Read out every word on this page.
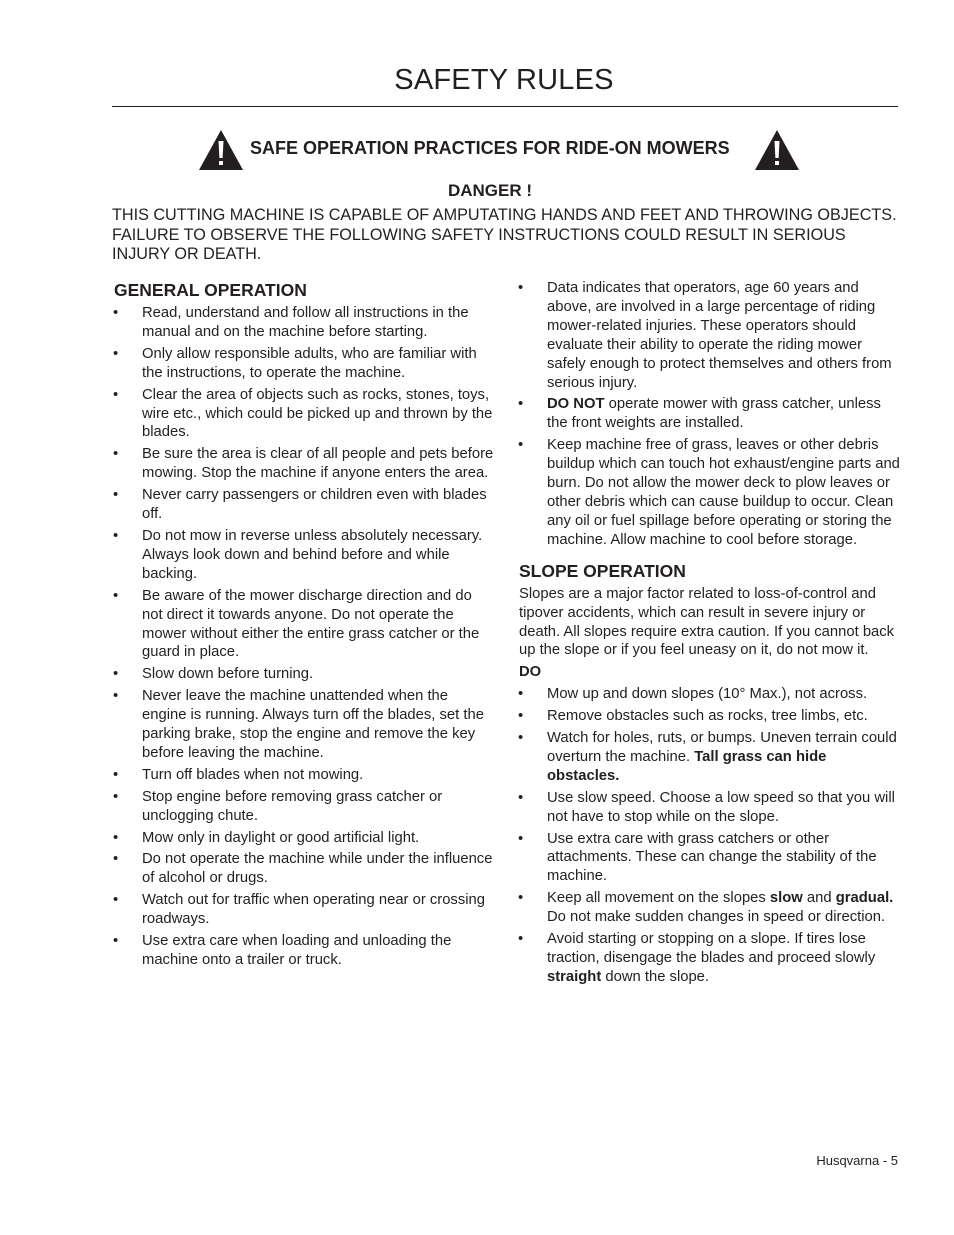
SAFETY RULES
SAFE OPERATION PRACTICES FOR RIDE-ON MOWERS
DANGER !
THIS CUTTING MACHINE IS CAPABLE OF AMPUTATING HANDS AND FEET AND THROWING OBJECTS. FAILURE TO OBSERVE THE FOLLOWING SAFETY INSTRUCTIONS COULD RESULT IN SERIOUS INJURY OR DEATH.
GENERAL OPERATION
• Read, understand and follow all instructions in the manual and on the machine before starting.
• Only allow responsible adults, who are familiar with the instructions, to operate the machine.
• Clear the area of objects such as rocks, stones, toys, wire etc., which could be picked up and thrown by the blades.
• Be sure the area is clear of all people and pets before mowing. Stop the machine if anyone enters the area.
• Never carry passengers or children even with blades off.
• Do not mow in reverse unless absolutely necessary. Always look down and behind before and while backing.
• Be aware of the mower discharge direction and do not direct it towards anyone. Do not operate the mower without either the entire grass catcher or the guard in place.
• Slow down before turning.
• Never leave the machine unattended when the engine is running. Always turn off the blades, set the parking brake, stop the engine and remove the key before leaving the machine.
• Turn off blades when not mowing.
• Stop engine before removing grass catcher or unclogging chute.
• Mow only in daylight or good artificial light.
• Do not operate the machine while under the influence of alcohol or drugs.
• Watch out for traffic when operating near or crossing roadways.
• Use extra care when loading and unloading the machine onto a trailer or truck.
• Data indicates that operators, age 60 years and above, are involved in a large percentage of riding mower-related injuries. These operators should evaluate their ability to operate the riding mower safely enough to protect themselves and others from serious injury.
• DO NOT operate mower with grass catcher, unless the front weights are installed.
• Keep machine free of grass, leaves or other debris buildup which can touch hot exhaust/engine parts and burn. Do not allow the mower deck to plow leaves or other debris which can cause buildup to occur. Clean any oil or fuel spillage before operating or storing the machine. Allow machine to cool before storage.
SLOPE OPERATION
Slopes are a major factor related to loss-of-control and tipover accidents, which can result in severe injury or death. All slopes require extra caution. If you cannot back up the slope or if you feel uneasy on it, do not mow it.
DO
• Mow up and down slopes (10° Max.), not across.
• Remove obstacles such as rocks, tree limbs, etc.
• Watch for holes, ruts, or bumps. Uneven terrain could overturn the machine. Tall grass can hide obstacles.
• Use slow speed. Choose a low speed so that you will not have to stop while on the slope.
• Use extra care with grass catchers or other attachments. These can change the stability of the machine.
• Keep all movement on the slopes slow and gradual. Do not make sudden changes in speed or direction.
• Avoid starting or stopping on a slope. If tires lose traction, disengage the blades and proceed slowly straight down the slope.
Husqvarna - 5
